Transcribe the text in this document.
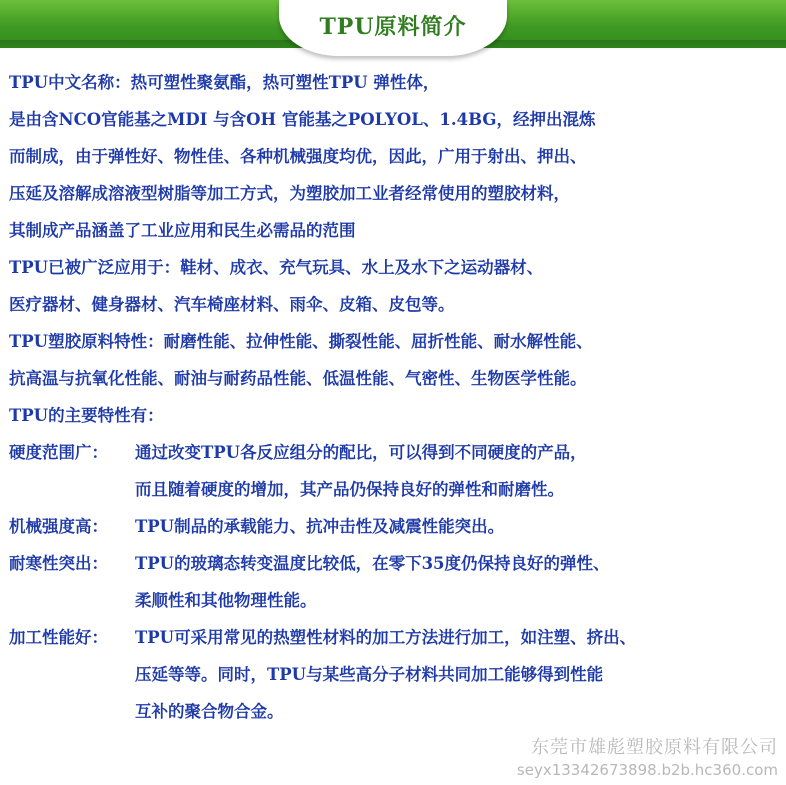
TPU原料简介
TPU中文名称：热可塑性聚氨酯，热可塑性TPU 弹性体，
是由含NCO官能基之MDI 与含OH 官能基之POLYOL、1.4BG，经押出混炼
而制成，由于弹性好、物性佳、各种机械强度均优，因此，广用于射出、押出、
压延及溶解成溶液型树脂等加工方式，为塑胶加工业者经常使用的塑胶材料，
其制成产品涵盖了工业应用和民生必需品的范围
TPU已被广泛应用于：鞋材、成衣、充气玩具、水上及水下之运动器材、
医疗器材、健身器材、汽车椅座材料、雨伞、皮箱、皮包等。
TPU塑胶原料特性：耐磨性能、拉伸性能、撕裂性能、屈折性能、耐水解性能、
抗高温与抗氧化性能、耐油与耐药品性能、低温性能、气密性、生物医学性能。
TPU的主要特性有：
硬度范围广：	通过改变TPU各反应组分的配比，可以得到不同硬度的产品，
而且随着硬度的增加，其产品仍保持良好的弹性和耐磨性。
机械强度高：	TPU制品的承载能力、抗冲击性及减震性能突出。
耐寒性突出：	TPU的玻璃态转变温度比较低，在零下35度仍保持良好的弹性、
柔顺性和其他物理性能。
加工性能好：	TPU可采用常见的热塑性材料的加工方法进行加工，如注塑、挤出、
压延等等。同时，TPU与某些高分子材料共同加工能够得到性能
互补的聚合物合金。
东莞市雄彪塑胶原料有限公司
seyx13342673898.b2b.hc360.com
